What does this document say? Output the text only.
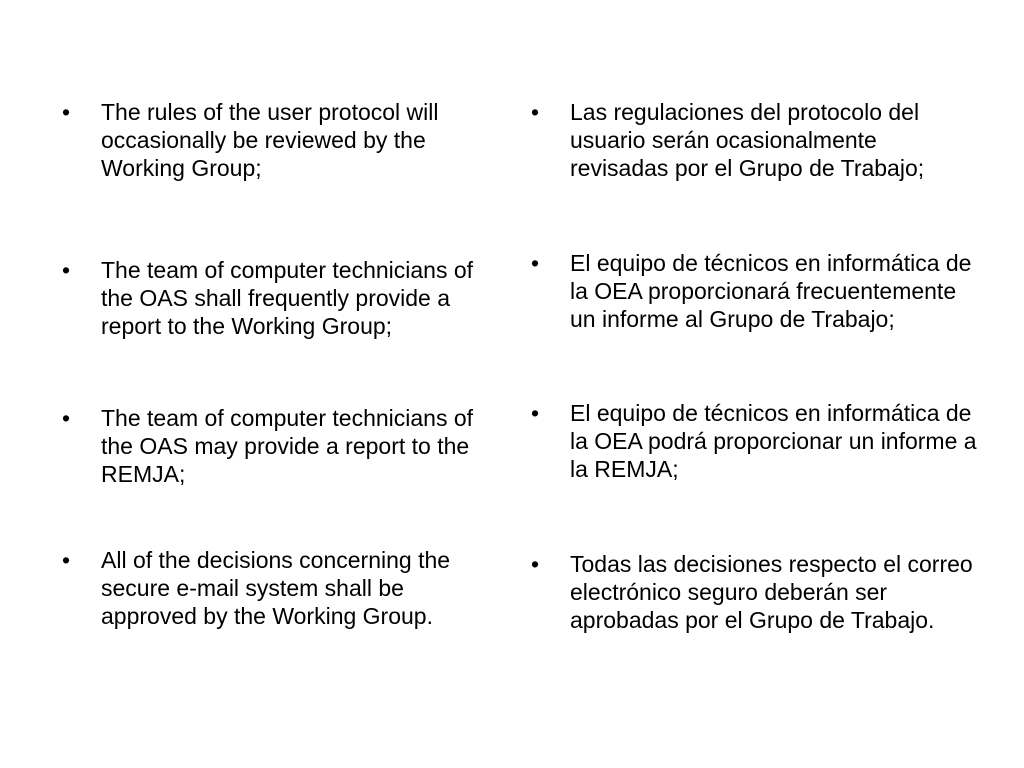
•	The rules of the user protocol will occasionally be reviewed by the Working Group;
•	The team of computer technicians of the OAS shall frequently provide a report to the Working Group;
•	The team of computer technicians of the OAS may provide a report to the REMJA;
•	All of the decisions concerning the secure e-mail system shall be approved by the Working Group.
•	Las regulaciones del protocolo del usuario serán ocasionalmente revisadas por el Grupo de Trabajo;
•	El equipo de técnicos en informática de la OEA proporcionará frecuentemente un informe al Grupo de Trabajo;
•	El equipo de técnicos en informática de la OEA podrá proporcionar un informe a la REMJA;
•	Todas las decisiones respecto el correo electrónico seguro deberán ser aprobadas por el Grupo de Trabajo.
